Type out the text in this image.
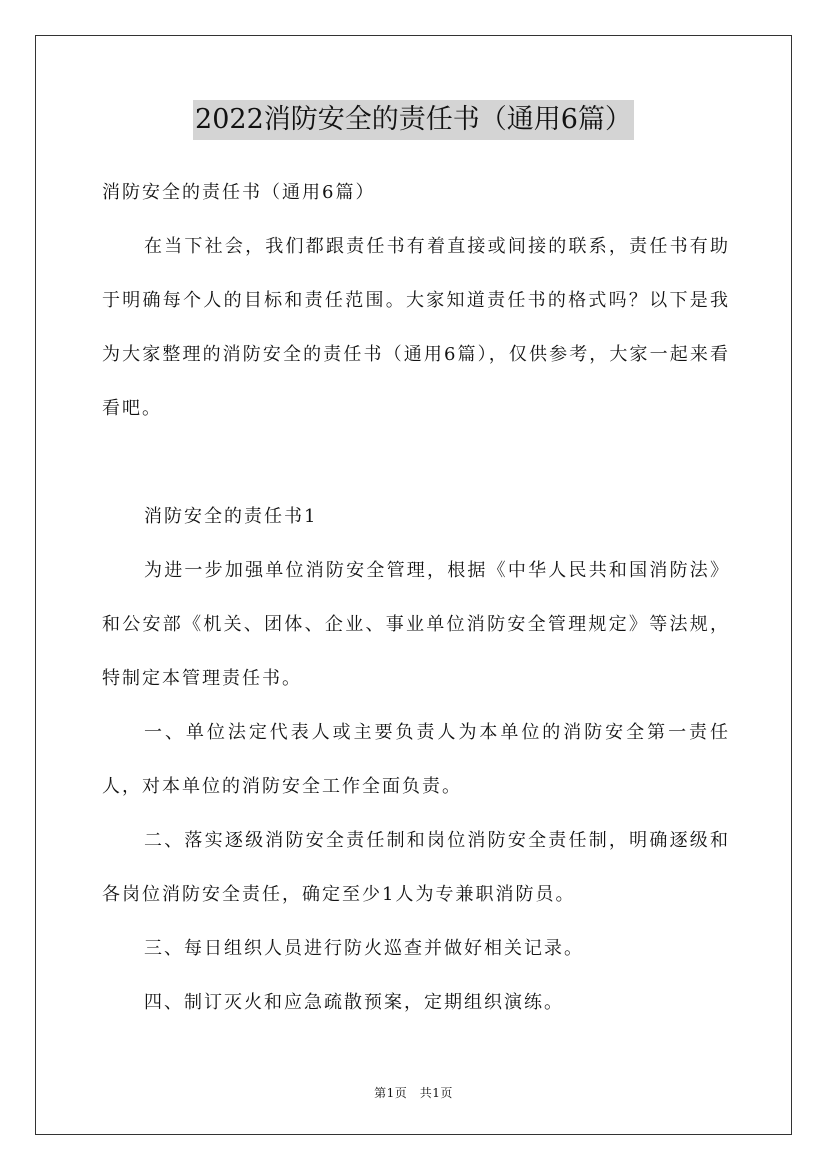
2022消防安全的责任书（通用6篇）

消防安全的责任书（通用6篇）

在当下社会，我们都跟责任书有着直接或间接的联系，责任书有助于明确每个人的目标和责任范围。大家知道责任书的格式吗？以下是我为大家整理的消防安全的责任书（通用6篇），仅供参考，大家一起来看看吧。

消防安全的责任书1

为进一步加强单位消防安全管理，根据《中华人民共和国消防法》和公安部《机关、团体、企业、事业单位消防安全管理规定》等法规，特制定本管理责任书。

一、单位法定代表人或主要负责人为本单位的消防安全第一责任人，对本单位的消防安全工作全面负责。

二、落实逐级消防安全责任制和岗位消防安全责任制，明确逐级和各岗位消防安全责任，确定至少1人为专兼职消防员。

三、每日组织人员进行防火巡查并做好相关记录。

四、制订灭火和应急疏散预案，定期组织演练。

第1页　共1页
